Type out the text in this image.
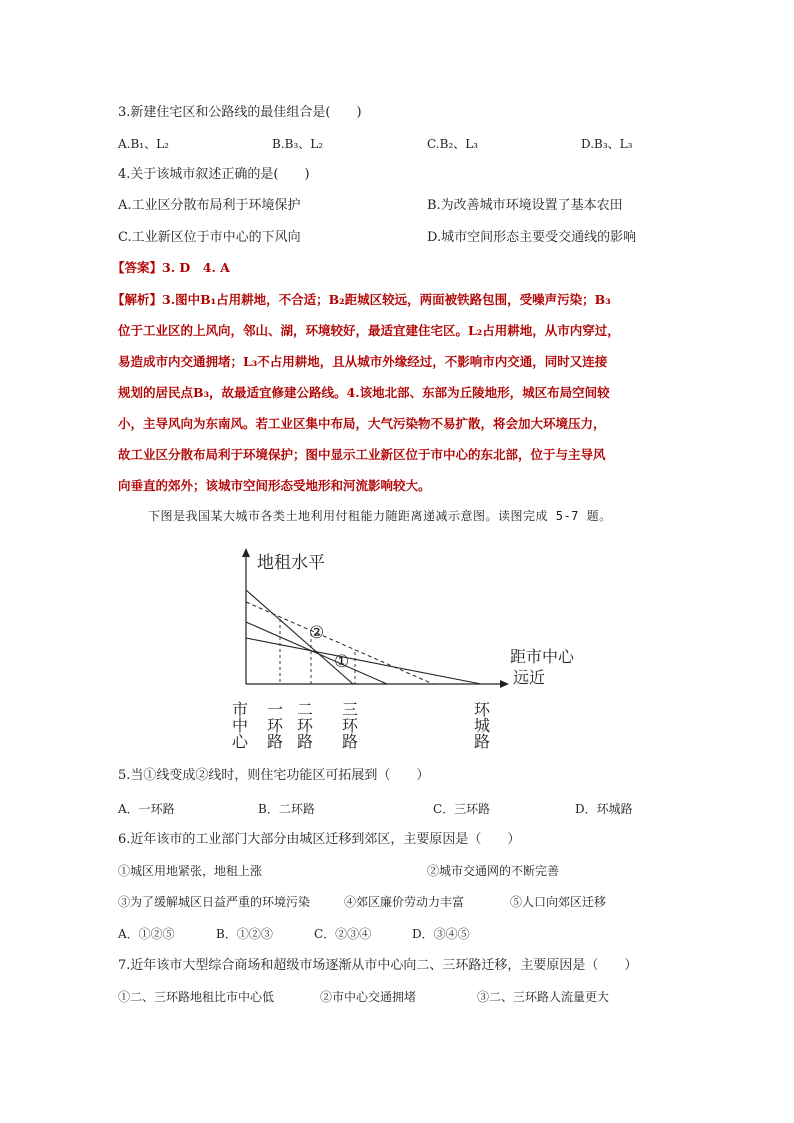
3.新建住宅区和公路线的最佳组合是(　　)
A.B₁、L₂	B.B₃、L₂	C.B₂、L₃	D.B₃、L₃
4.关于该城市叙述正确的是(　　)
A.工业区分散布局利于环境保护	B.为改善城市环境设置了基本农田
C.工业新区位于市中心的下风向	D.城市空间形态主要受交通线的影响
【答案】3. D　4. A
【解析】3.图中B₁占用耕地，不合适；B₂距城区较远，两面被铁路包围，受噪声污染；B₃
位于工业区的上风向，邻山、湖，环境较好，最适宜建住宅区。L₂占用耕地，从市内穿过，
易造成市内交通拥堵；L₃不占用耕地，且从城市外缘经过，不影响市内交通，同时又连接
规划的居民点B₃，故最适宜修建公路线。4.该地北部、东部为丘陵地形，城区布局空间较
小，主导风向为东南风。若工业区集中布局，大气污染物不易扩散，将会加大环境压力，
故工业区分散布局利于环境保护；图中显示工业新区位于市中心的东北部，位于与主导风
向垂直的郊外；该城市空间形态受地形和河流影响较大。
下图是我国某大城市各类土地利用付租能力随距离递减示意图。读图完成 5-7 题。
地租水平
距市中心
远近
②
①
市中心 一环路 二环路 三环路	环城路
5.当①线变成②线时，则住宅功能区可拓展到（　　）
A．一环路	B．二环路	C．三环路	D．环城路
6.近年该市的工业部门大部分由城区迁移到郊区，主要原因是（　　）
①城区用地紧张，地租上涨	②城市交通网的不断完善
③为了缓解城区日益严重的环境污染	④郊区廉价劳动力丰富	⑤人口向郊区迁移
A．①②⑤	B．①②③	C．②③④	D．③④⑤
7.近年该市大型综合商场和超级市场逐渐从市中心向二、三环路迁移，主要原因是（　　）
①二、三环路地租比市中心低	②市中心交通拥堵	③二、三环路人流量更大
